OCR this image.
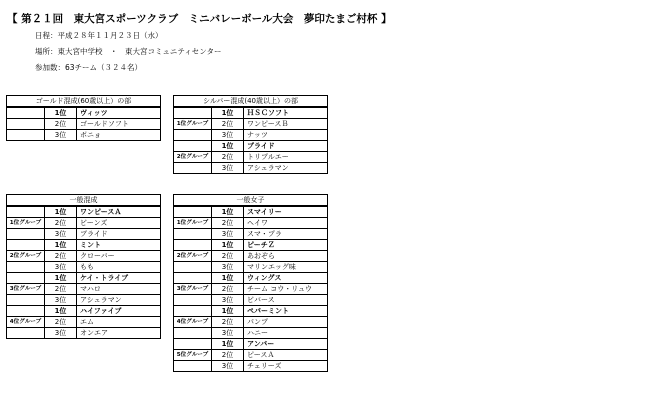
【 第２１回　東大宮スポーツクラブ　ミニバレーボール大会　夢印たまご村杯 】
日程：平成２８年１１月２３日（水）
場所：東大宮中学校　・　東大宮コミュニティセンター
参加数：63チーム（３２４名）
ゴールド混成(60歳以上）の部		
	1位	ヴィッツ
	2位	ゴールドソフト
	3位	ボニョ
シルバー混成(40歳以上）の部		
	1位	ＨＳＣソフト
1位グループ	2位	ワンピースＢ
	3位	ナッツ
	1位	ブライド
2位グループ	2位	トリプルエー
	3位	アシュラマン
一般混成		
	1位	ワンピースＡ
1位グループ	2位	ビーンズ
	3位	ブライド
	1位	ミント
2位グループ	2位	クローバー
	3位	もも
	1位	ケイ・トライブ
3位グループ	2位	マハロ
	3位	アシュラマン
	1位	ハイファイブ
4位グループ	2位	エム
	3位	オンエア
一般女子		
	1位	スマイリー
1位グループ	2位	ヘイワ
	3位	スマ・プラ
	1位	ピーチＺ
2位グループ	2位	あおぞら
	3位	マリンエッグ味
	1位	ウィングス
3位グループ	2位	チーム コウ・リュウ
	3位	ビバース
	1位	ペパーミント
4位グループ	2位	パンプ
	3位	ハニー
	1位	アンバー
5位グループ	2位	ピースＡ
	3位	チェリーズ
